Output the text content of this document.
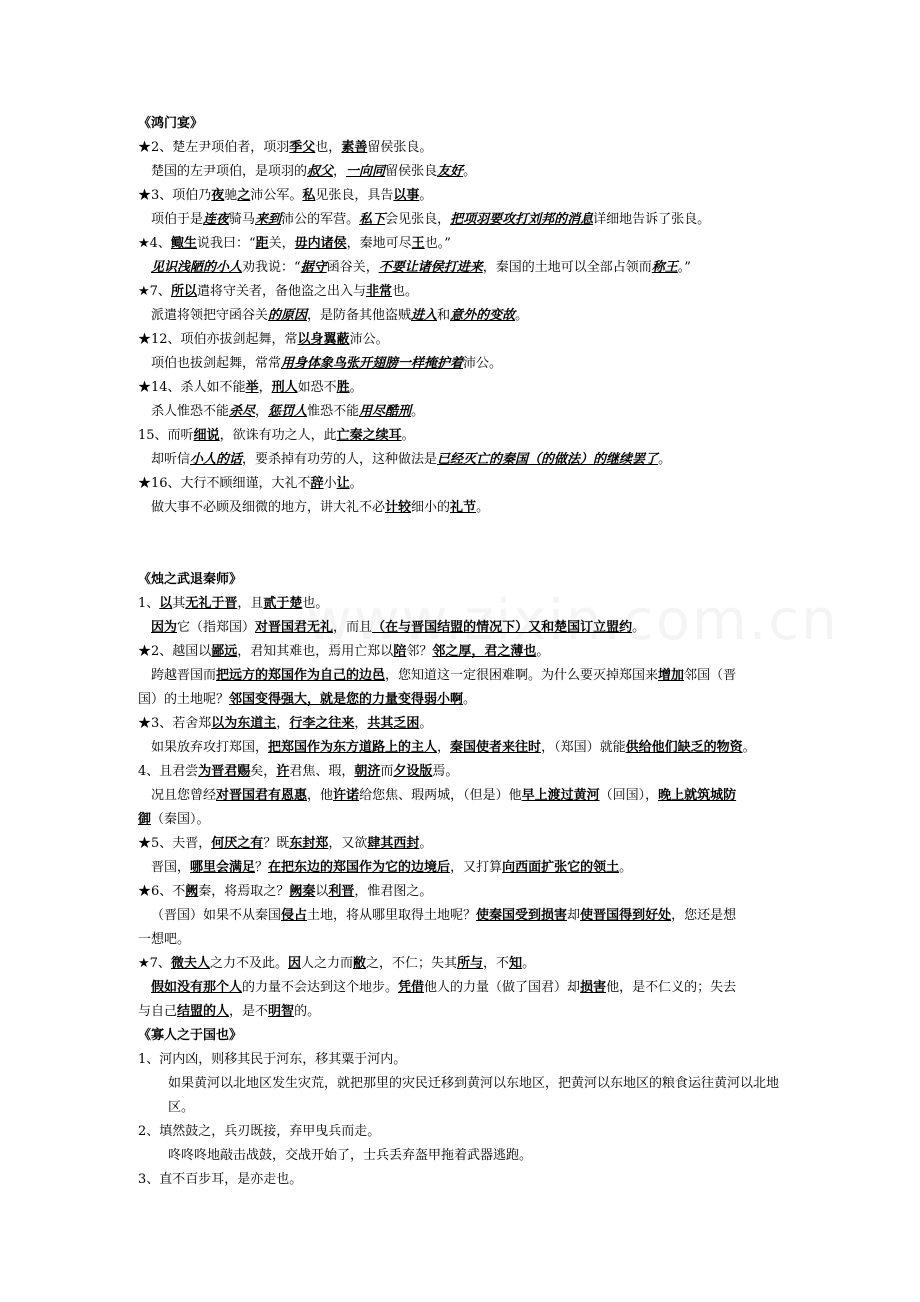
《鸿门宴》
★2、楚左尹项伯者，项羽季父也，素善留侯张良。
楚国的左尹项伯，是项羽的叔父，一向同留侯张良友好。
★3、项伯乃夜驰之沛公军。私见张良，具告以事。
项伯于是连夜骑马来到沛公的军营。私下会见张良，把项羽要攻打刘邦的消息详细地告诉了张良。
★4、鲰生说我曰：“距关，毋内诸侯，秦地可尽王也。”
见识浅陋的小人劝我说：“据守函谷关，不要让诸侯打进来，秦国的土地可以全部占领而称王。”
★7、所以遣将守关者，备他盗之出入与非常也。
派遣将领把守函谷关的原因，是防备其他盗贼进入和意外的变故。
★12、项伯亦拔剑起舞，常以身翼蔽沛公。
项伯也拔剑起舞，常常用身体象鸟张开翅膀一样掩护着沛公。
★14、杀人如不能举，刑人如恐不胜。
杀人惟恐不能杀尽，惩罚人惟恐不能用尽酷刑。
15、而听细说，欲诛有功之人，此亡秦之续耳。
却听信小人的话，要杀掉有功劳的人，这种做法是已经灭亡的秦国（的做法）的继续罢了。
★16、大行不顾细谨，大礼不辞小让。
做大事不必顾及细微的地方，讲大礼不必计较细小的礼节。
《烛之武退秦师》
1、以其无礼于晋，且贰于楚也。
因为它（指郑国）对晋国君无礼，而且（在与晋国结盟的情况下）又和楚国订立盟约。
★2、越国以鄙远，君知其难也，焉用亡郑以陪邻？邻之厚，君之薄也。
跨越晋国而把远方的郑国作为自己的边邑，您知道这一定很困难啊。为什么要灭掉郑国来增加邻国（晋
国）的土地呢？邻国变得强大，就是您的力量变得弱小啊。
★3、若舍郑以为东道主，行李之往来，共其乏困。
如果放弃攻打郑国，把郑国作为东方道路上的主人，秦国使者来往时，（郑国）就能供给他们缺乏的物资。
4、且君尝为晋君赐矣，许君焦、瑕，朝济而夕设版焉。
况且您曾经对晋国君有恩惠，他许诺给您焦、瑕两城，（但是）他早上渡过黄河（回国），晚上就筑城防
御（秦国）。
★5、夫晋，何厌之有？既东封郑，又欲肆其西封。
晋国，哪里会满足？在把东边的郑国作为它的边境后，又打算向西面扩张它的领土。
★6、不阙秦，将焉取之？阙秦以利晋，惟君图之。
（晋国）如果不从秦国侵占土地，将从哪里取得土地呢？使秦国受到损害却使晋国得到好处，您还是想
一想吧。
★7、微夫人之力不及此。因人之力而敝之，不仁；失其所与，不知。
假如没有那个人的力量不会达到这个地步。凭借他人的力量（做了国君）却损害他，是不仁义的；失去
与自己结盟的人，是不明智的。
《寡人之于国也》
1、河内凶，则移其民于河东，移其粟于河内。
如果黄河以北地区发生灾荒，就把那里的灾民迁移到黄河以东地区，把黄河以东地区的粮食运往黄河以北地区。
2、填然鼓之，兵刃既接，弃甲曳兵而走。
咚咚咚地敲击战鼓，交战开始了，士兵丢弃盔甲拖着武器逃跑。
3、直不百步耳，是亦走也。
